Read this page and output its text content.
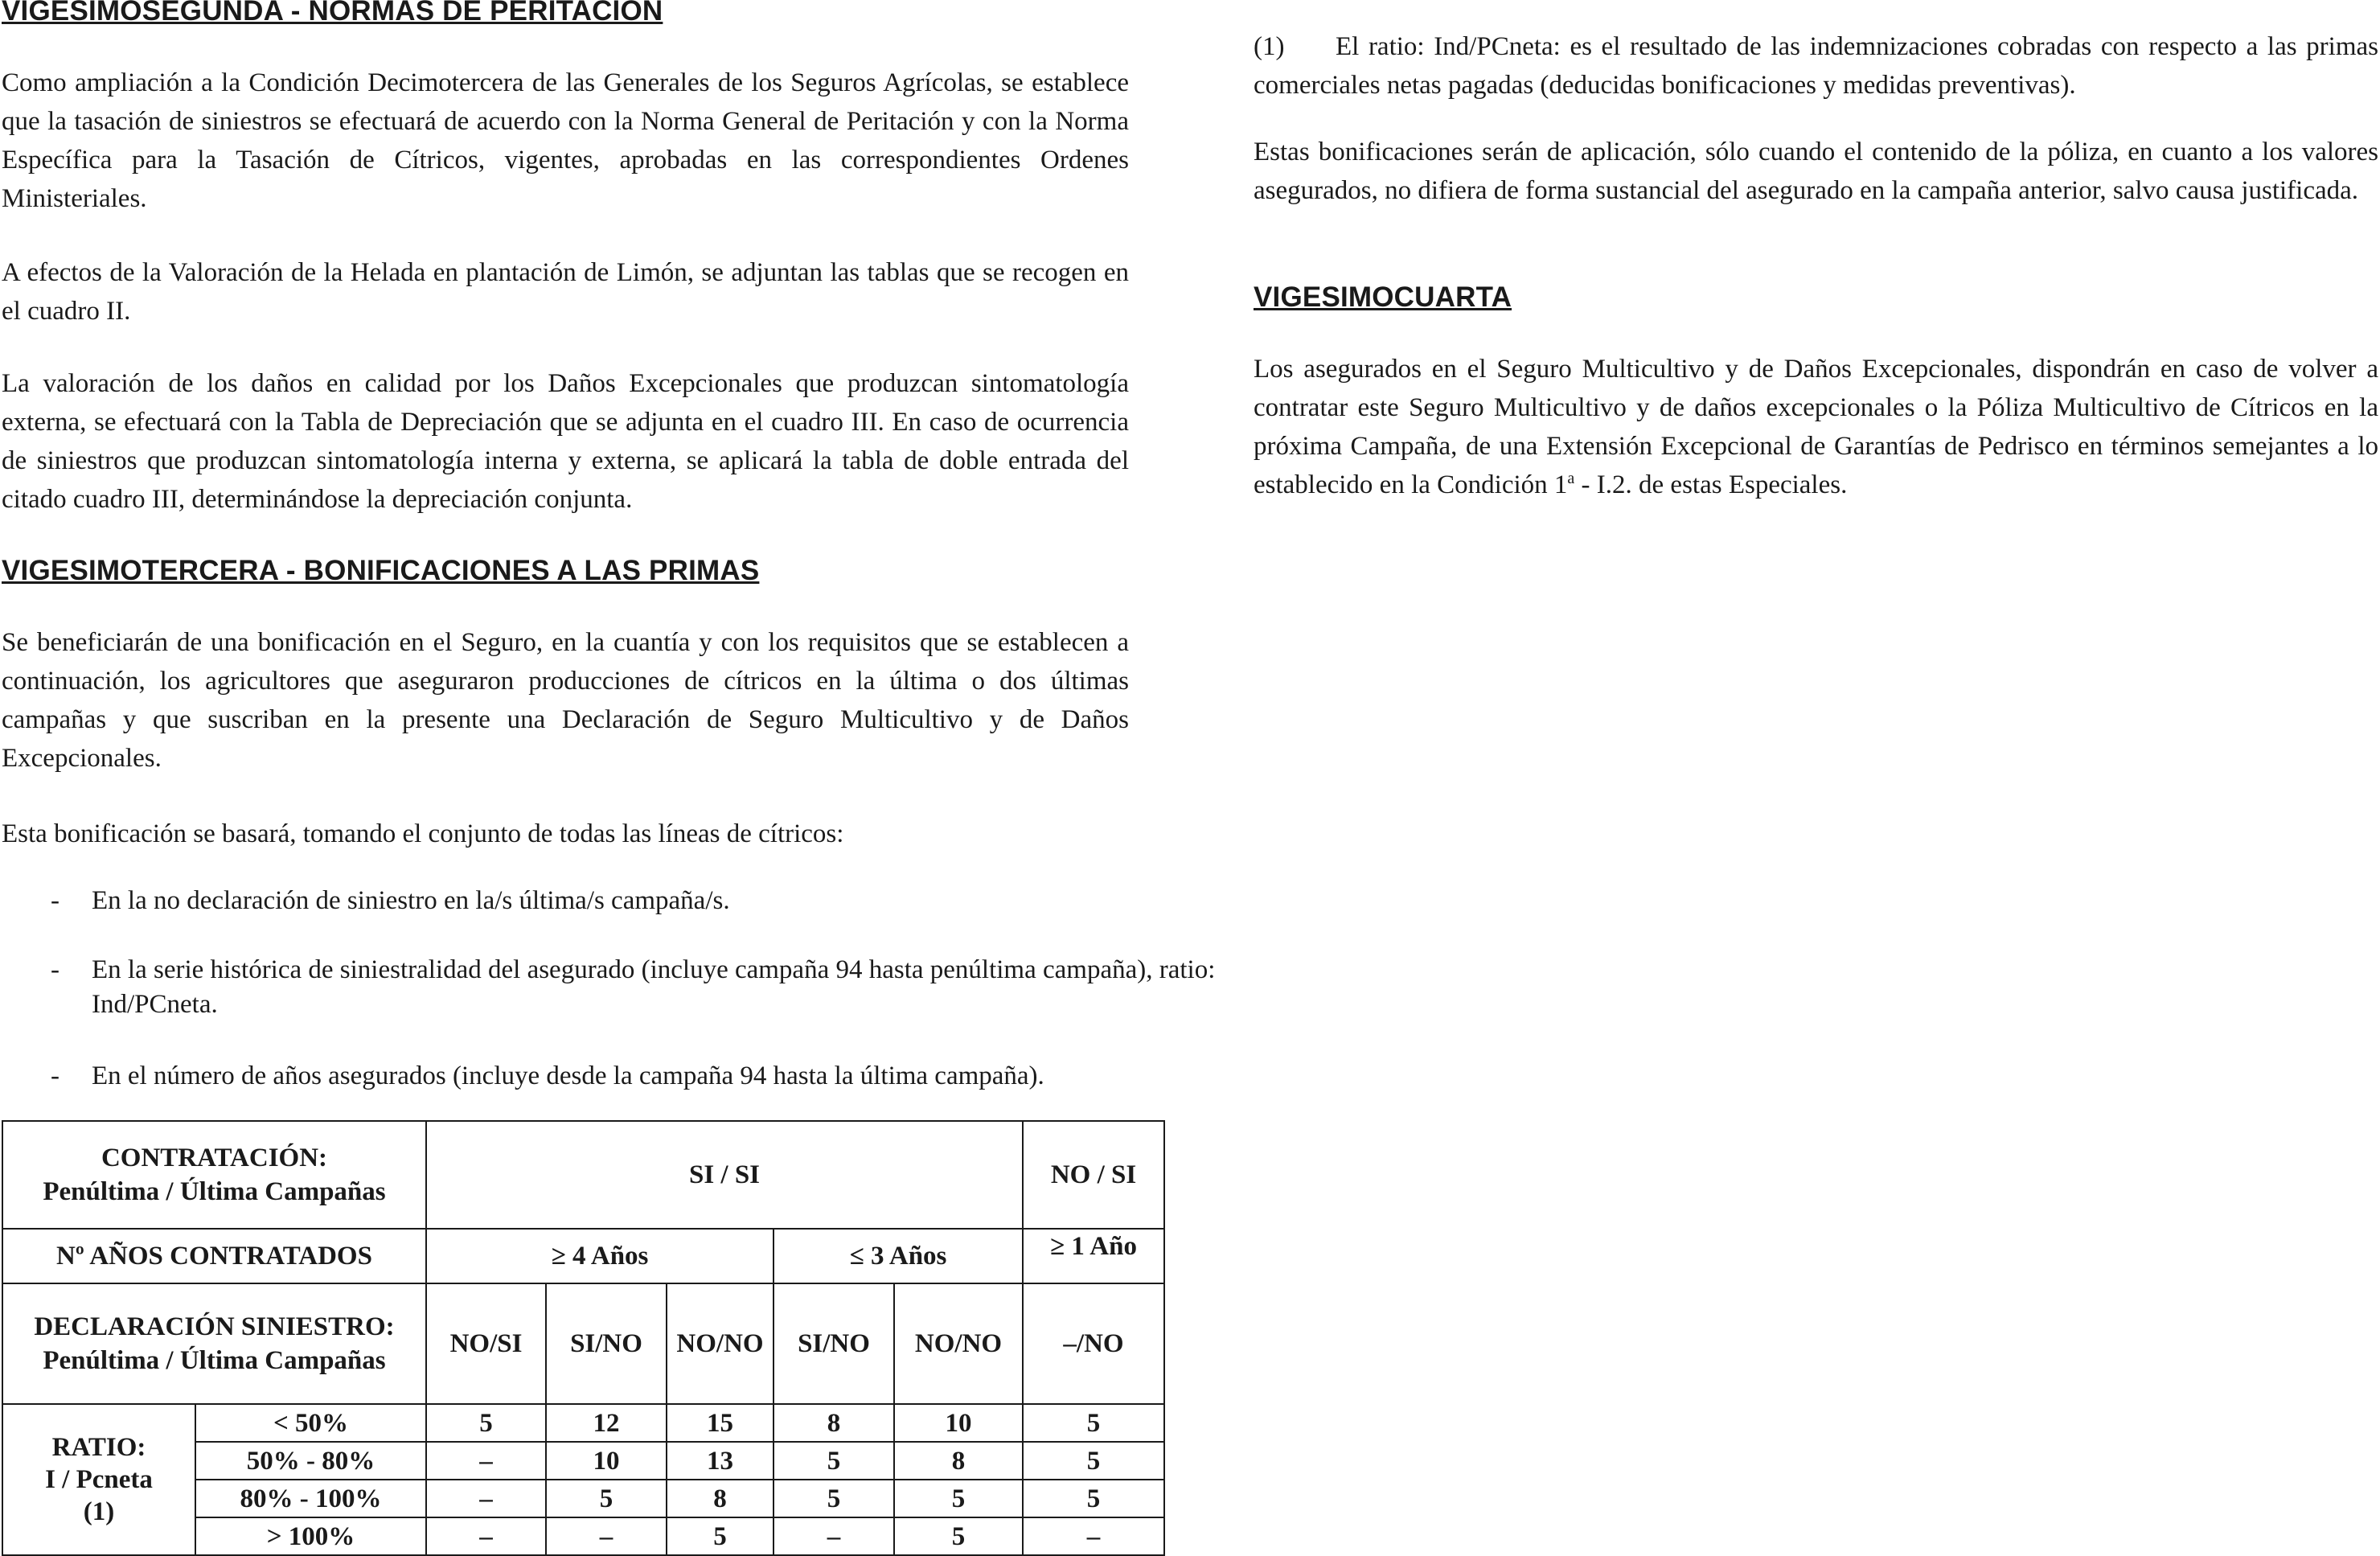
VIGESIMOSEGUNDA - NORMAS DE PERITACION

Como ampliación a la Condición Decimotercera de las Generales de los Seguros Agrícolas, se establece que la tasación de siniestros se efectuará de acuerdo con la Norma General de Peritación y con la Norma Específica para la Tasación de Cítricos, vigentes, aprobadas en las correspondientes Ordenes Ministeriales.

A efectos de la Valoración de la Helada en plantación de Limón, se adjuntan las tablas que se recogen en el cuadro II.

La valoración de los daños en calidad por los Daños Excepcionales que produzcan sintomatología externa, se efectuará con la Tabla de Depreciación que se adjunta en el cuadro III. En caso de ocurrencia de siniestros que produzcan sintomatología interna y externa, se aplicará la tabla de doble entrada del citado cuadro III, determinándose la depreciación conjunta.

VIGESIMOTERCERA - BONIFICACIONES A LAS PRIMAS

Se beneficiarán de una bonificación en el Seguro, en la cuantía y con los requisitos que se establecen a continuación, los agricultores que aseguraron producciones de cítricos en la última o dos últimas campañas y que suscriban en la presente una Declaración de Seguro Multicultivo y de Daños Excepcionales.

Esta bonificación se basará, tomando el conjunto de todas las líneas de cítricos:

- En la no declaración de siniestro en la/s última/s campaña/s.
- En la serie histórica de siniestralidad del asegurado (incluye campaña 94 hasta penúltima campaña), ratio: Ind/PCneta.
- En el número de años asegurados (incluye desde la campaña 94 hasta la última campaña).
CONTRATACIÓN:
Penúltima / Última Campañas		SI / SI					NO / SI
Nº AÑOS CONTRATADOS		≥ 4 Años			≤ 3 Años		≥ 1 Año

DECLARACIÓN SINIESTRO:
Penúltima / Última Campañas		NO/SI	SI/NO	NO/NO	SI/NO	NO/NO	–/NO

RATIO:
I / Pcneta
(1)	< 50%	5	12	15	8	10	5
	50% - 80%	–	10	13	5	8	5
	80% - 100%	–	5	8	5	5	5
	> 100%	–	–	5	–	5	–

(1) El ratio: Ind/PCneta: es el resultado de las indemnizaciones cobradas con respecto a las primas comerciales netas pagadas (deducidas bonificaciones y medidas preventivas).

Estas bonificaciones serán de aplicación, sólo cuando el contenido de la póliza, en cuanto a los valores asegurados, no difiera de forma sustancial del asegurado en la campaña anterior, salvo causa justificada.

VIGESIMOCUARTA

Los asegurados en el Seguro Multicultivo y de Daños Excepcionales, dispondrán en caso de volver a contratar este Seguro Multicultivo y de daños excepcionales o la Póliza Multicultivo de Cítricos en la próxima Campaña, de una Extensión Excepcional de Garantías de Pedrisco en términos semejantes a lo establecido en la Condición 1$^a$ - I.2. de estas Especiales.
